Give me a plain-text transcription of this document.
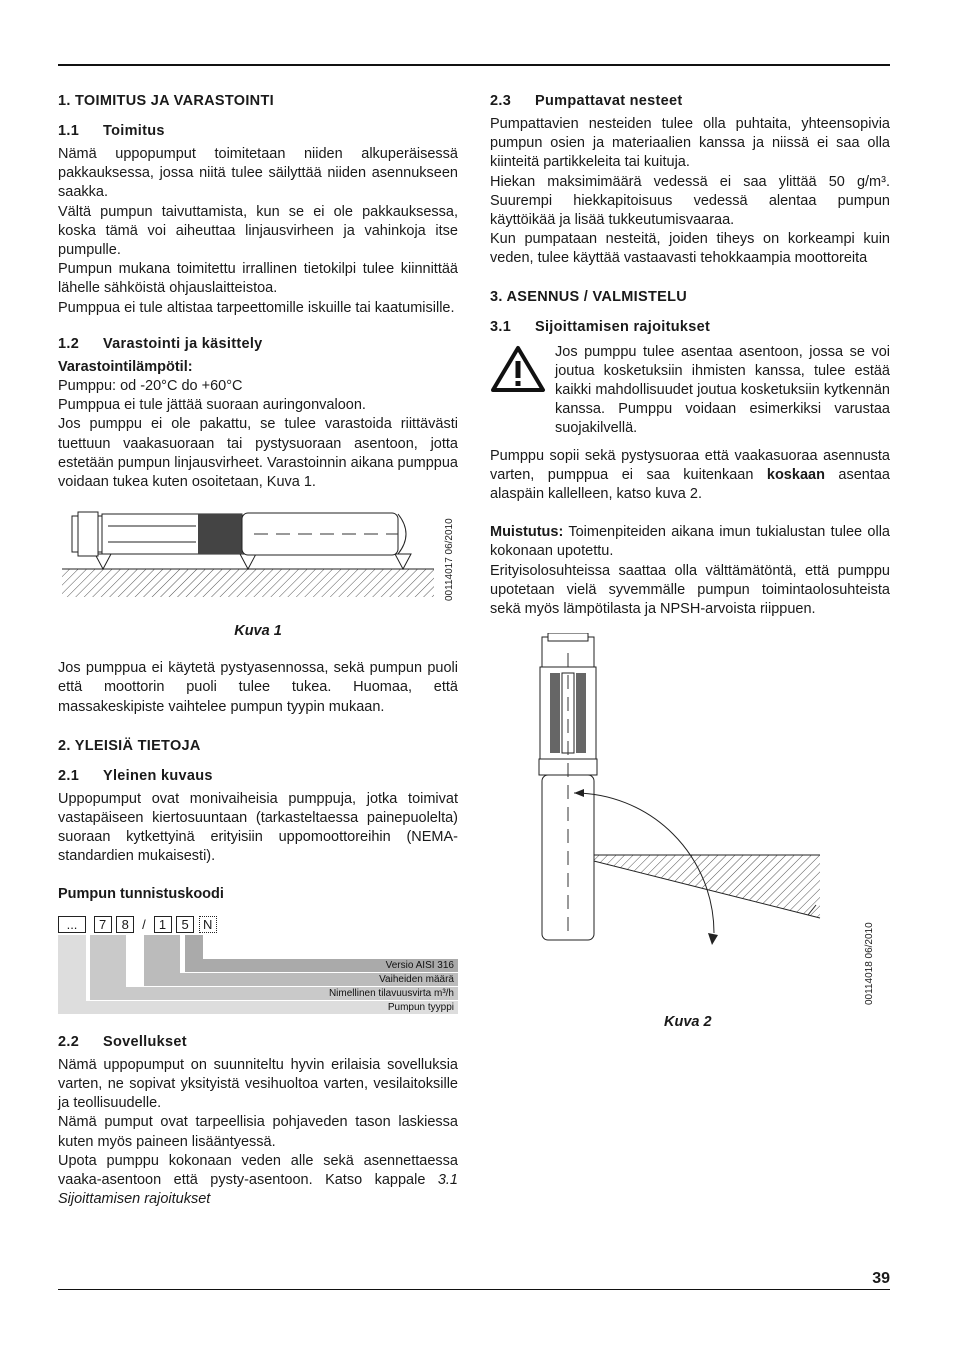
39
1. TOIMITUS JA VARASTOINTI
1.1 Toimitus

Nämä uppopumput toimitetaan niiden alkuperäisessä pakkauksessa, jossa niitä tulee säilyttää niiden asennukseen saakka.

Vältä pumpun taivuttamista, kun se ei ole pakkauksessa, koska tämä voi aiheuttaa linjausvirheen ja vahinkoja itse pumpulle.

Pumpun mukana toimitettu irrallinen tietokilpi tulee kiinnittää lähelle sähköistä ohjauslaitteistoa.

Pumppua ei tule altistaa tarpeettomille iskuille tai kaatumisille.

1.2 Varastointi ja käsittely

Varastointilämpötil:

Pumppu: od -20°C do +60°C

Pumppua ei tule jättää suoraan auringonvaloon.

Jos pumppu ei ole pakattu, se tulee varastoida riittävästi tuettuun vaakasuoraan tai pystysuoraan asentoon, jotta estetään pumpun linjausvirheet. Varastoinnin aikana pumppua voidaan tukea kuten osoitetaan, Kuva 1.

00114017 06/2010
Kuva 1

Jos pumppua ei käytetä pystyasennossa, sekä pumpun puoli että moottorin puoli tulee tukea. Huomaa, että massakeskipiste vaihtelee pumpun tyypin mukaan.

2. YLEISIÄ TIETOJA
2.1 Yleinen kuvaus

Uppopumput ovat monivaiheisia pumppuja, jotka toimivat vastapäiseen kiertosuuntaan (tarkasteltaessa painepuolelta) suoraan kytkettyinä erityisiin uppomoottoreihin (NEMA-standardien mukaisesti).

Pumpun tunnistuskoodi

... 7 8 / 1 5 N
Versio AISI 316
Vaiheiden määrä
Nimellinen tilavuusvirta m³/h
Pumpun tyyppi
2.2 Sovellukset

Nämä uppopumput on suunniteltu hyvin erilaisia sovelluksia varten, ne sopivat yksityistä vesihuoltoa varten, vesilaitoksille ja teollisuudelle.

Nämä pumput ovat tarpeellisia pohjaveden tason laskiessa kuten myös paineen lisääntyessä.

Upota pumppu kokonaan veden alle sekä asennettaessa vaaka-asentoon että pysty-asentoon. Katso kappale 3.1 Sijoittamisen rajoitukset

2.3 Pumpattavat nesteet

Pumpattavien nesteiden tulee olla puhtaita, yhteensopivia pumpun osien ja materiaalien kanssa ja niissä ei saa olla kiinteitä partikkeleita tai kuituja.

Hiekan maksimimäärä vedessä ei saa ylittää 50 g/m³. Suurempi hiekkapitoisuus vedessä alentaa pumpun käyttöikää ja lisää tukkeutumisvaaraa.

Kun pumpataan nesteitä, joiden tiheys on korkeampi kuin veden, tulee käyttää vastaavasti tehokkaampia moottoreita

3. ASENNUS / VALMISTELU
3.1 Sijoittamisen rajoitukset

Jos pumppu tulee asentaa asentoon, jossa se voi joutua kosketuksiin ihmisten kanssa, tulee estää kaikki mahdollisuudet joutua kosketuksiin kytkennän kanssa. Pumppu voidaan esimerkiksi varustaa suojakilvellä.

Pumppu sopii sekä pystysuoraa että vaakasuoraa asennusta varten, pumppua ei saa kuitenkaan koskaan asentaa alaspäin kallelleen, katso kuva 2.

Muistutus: Toimenpiteiden aikana imun tukialustan tulee olla kokonaan upotettu.

Erityisolosuhteissa saattaa olla välttämätöntä, että pumppu upotetaan vielä syvemmälle pumpun toimintaolosuhteista sekä myös lämpötilasta ja NPSH-arvoista riippuen.

00114018 06/2010
Kuva 2
